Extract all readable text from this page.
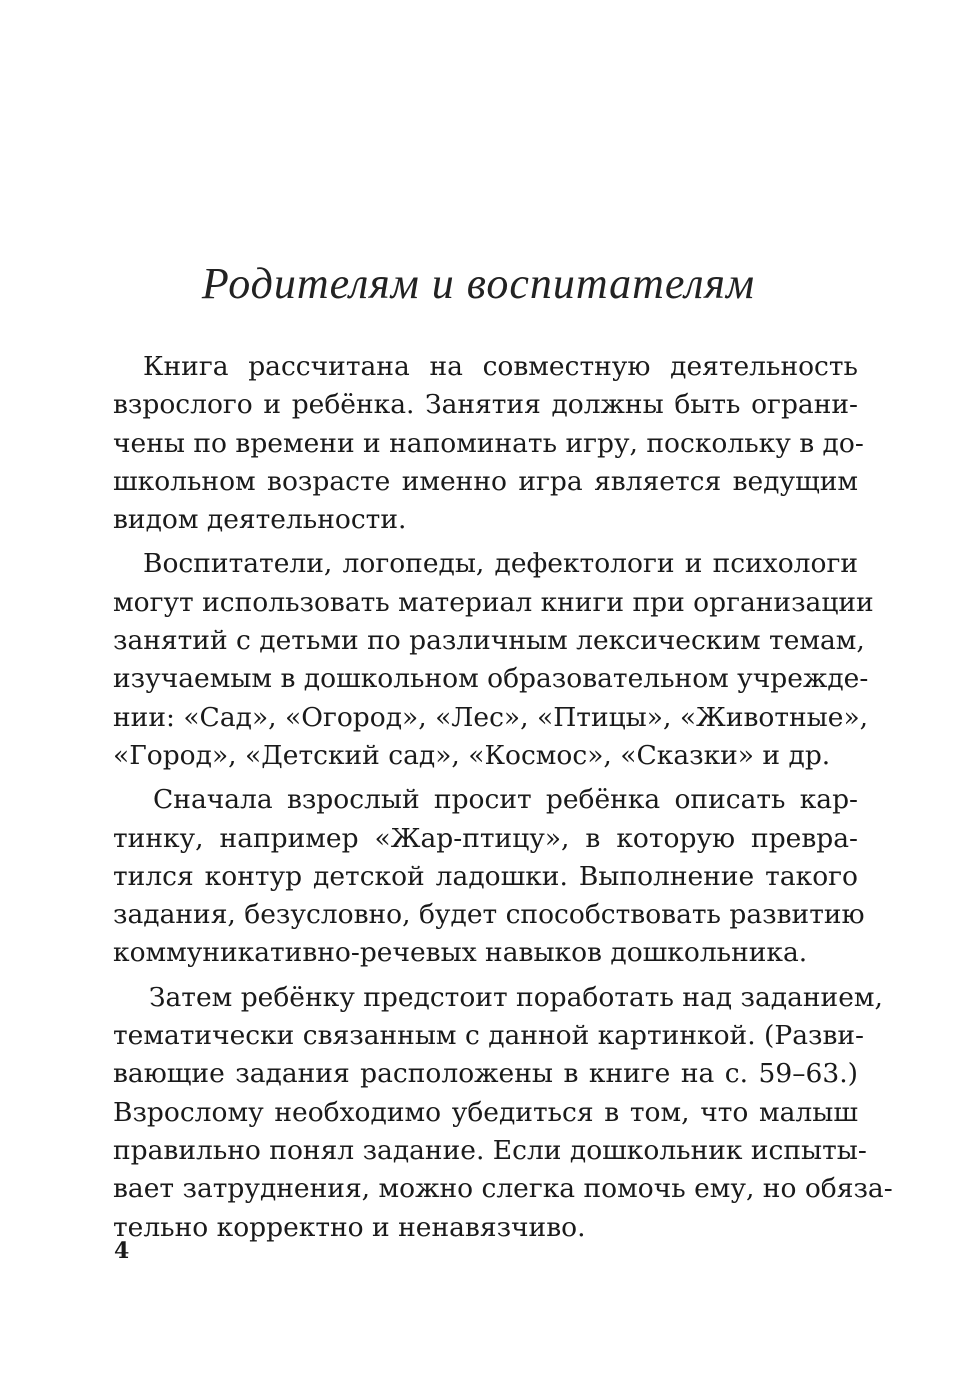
Родителям и воспитателям
Книга рассчитана на совместную деятельность
взрослого и ребёнка. Занятия должны быть ограни-
чены по времени и напоминать игру, поскольку в до-
школьном возрасте именно игра является ведущим
видом деятельности.
Воспитатели, логопеды, дефектологи и психологи
могут использовать материал книги при организации
занятий с детьми по различным лексическим темам,
изучаемым в дошкольном образовательном учрежде-
нии: «Сад», «Огород», «Лес», «Птицы», «Животные»,
«Город», «Детский сад», «Космос», «Сказки» и др.
Сначала взрослый просит ребёнка описать кар-
тинку, например «Жар-птицу», в которую превра-
тился контур детской ладошки. Выполнение такого
задания, безусловно, будет способствовать развитию
коммуникативно-речевых навыков дошкольника.
Затем ребёнку предстоит поработать над заданием,
тематически связанным с данной картинкой. (Разви-
вающие задания расположены в книге на с. 59–63.)
Взрослому необходимо убедиться в том, что малыш
правильно понял задание. Если дошкольник испыты-
вает затруднения, можно слегка помочь ему, но обяза-
тельно корректно и ненавязчиво.
4
